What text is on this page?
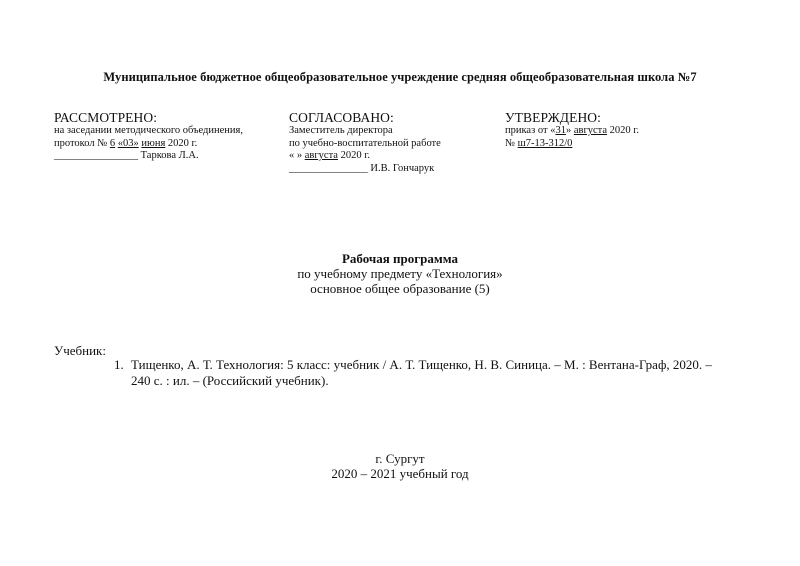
Муниципальное бюджетное общеобразовательное учреждение средняя общеобразовательная школа №7
РАССМОТРЕНО:
на заседании методического объединения,
протокол № 6 «03» июня 2020 г.
________________ Таркова Л.А.
СОГЛАСОВАНО:
Заместитель директора
по учебно-воспитательной работе
« » августа 2020 г.
_______________ И.В. Гончарук
УТВЕРЖДЕНО:
приказ от «31» августа 2020 г.
№ ш7-13-312/0
Рабочая программа
по учебному предмету «Технология»
основное общее образование (5)
Учебник:
1. Тищенко, А. Т. Технология: 5 класс: учебник / А. Т. Тищенко, Н. В. Синица. – М. : Вентана-Граф, 2020. –
240 с. : ил. – (Российский учебник).
г. Сургут
2020 – 2021 учебный год
